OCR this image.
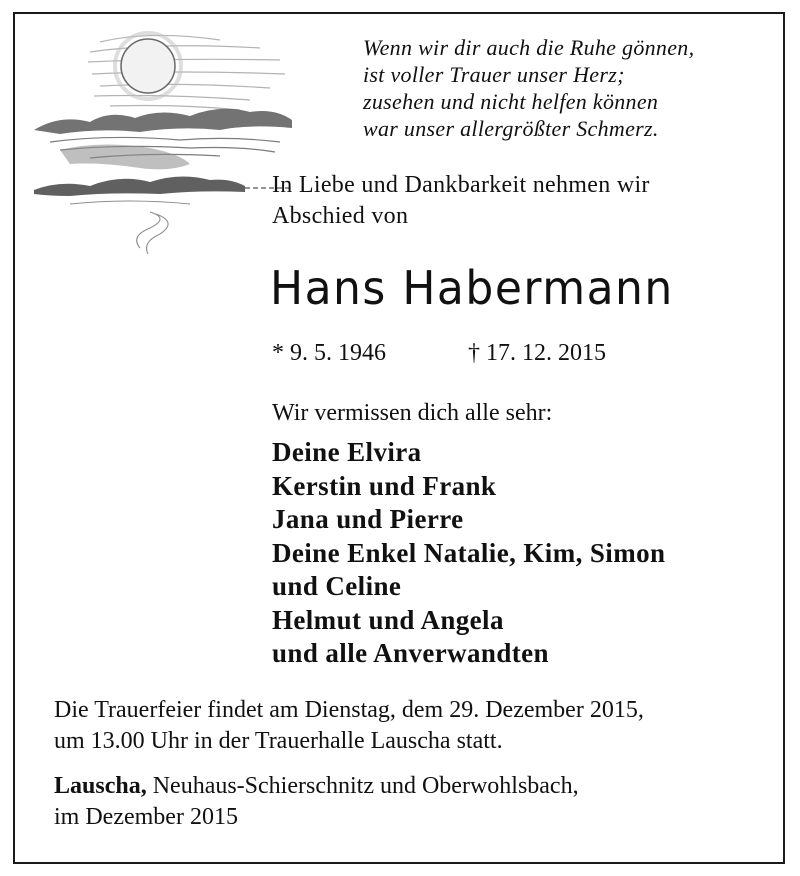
Wenn wir dir auch die Ruhe gönnen,
ist voller Trauer unser Herz;
zusehen und nicht helfen können
war unser allergrößter Schmerz.
In Liebe und Dankbarkeit nehmen wir
Abschied von
Hans Habermann
* 9. 5. 1946	† 17. 12. 2015
Wir vermissen dich alle sehr:
Deine Elvira
Kerstin und Frank
Jana und Pierre
Deine Enkel Natalie, Kim, Simon
und Celine
Helmut und Angela
und alle Anverwandten
Die Trauerfeier findet am Dienstag, dem 29. Dezember 2015,
um 13.00 Uhr in der Trauerhalle Lauscha statt.
Lauscha, Neuhaus-Schierschnitz und Oberwohlsbach,
im Dezember 2015
